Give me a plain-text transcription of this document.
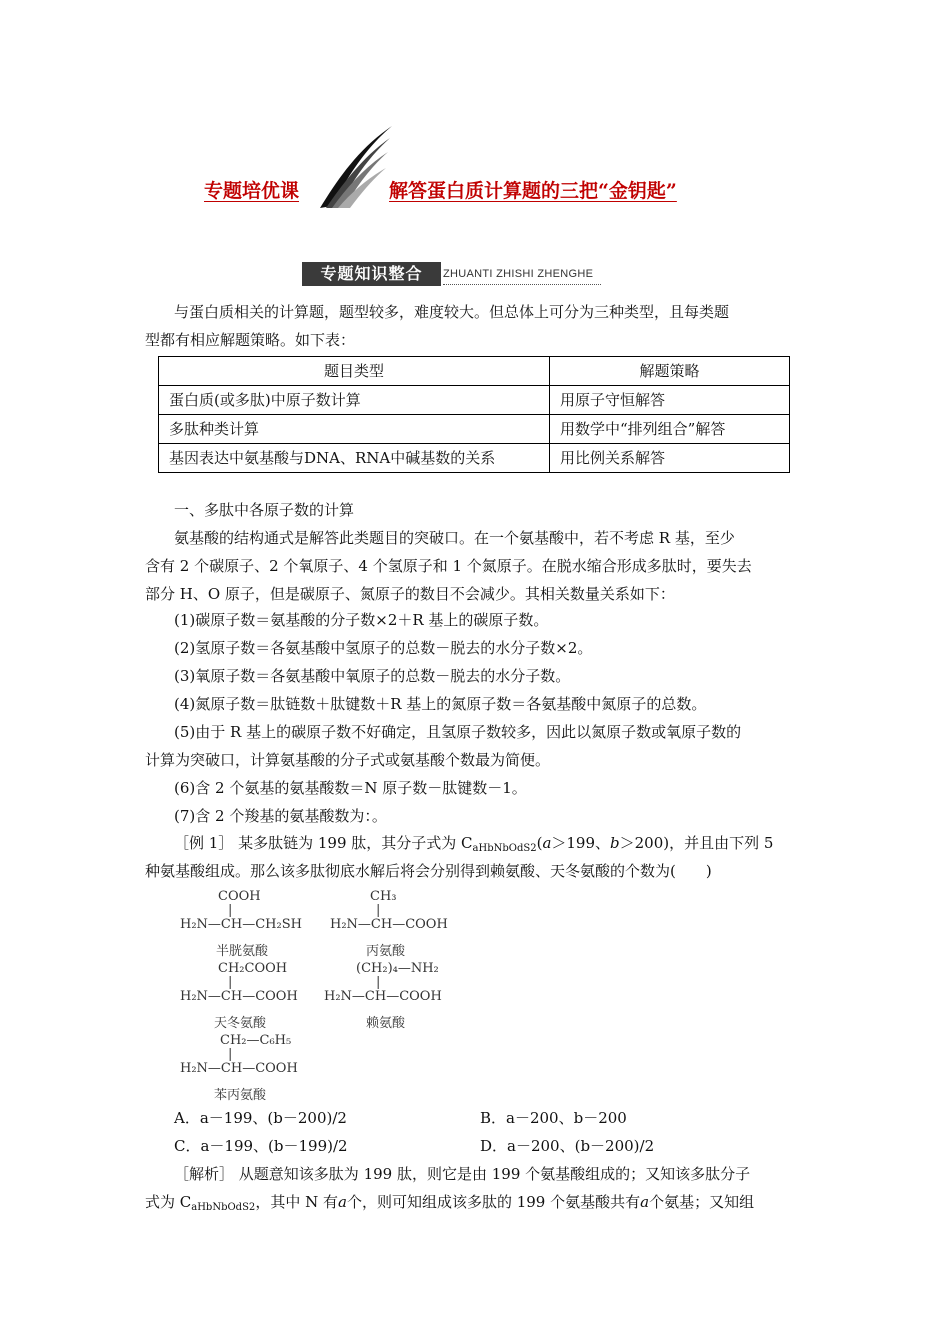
专题培优课	解答蛋白质计算题的三把“金钥匙”
专题知识整合	ZHUANTI ZHISHI ZHENGHE
与蛋白质相关的计算题，题型较多，难度较大。但总体上可分为三种类型，且每类题
型都有相应解题策略。如下表：
题目类型	解题策略
蛋白质(或多肽)中原子数计算	用原子守恒解答
多肽种类计算	用数学中“排列组合”解答
基因表达中氨基酸与DNA、RNA中碱基数的关系	用比例关系解答
一、多肽中各原子数的计算
氨基酸的结构通式是解答此类题目的突破口。在一个氨基酸中，若不考虑 R 基，至少
含有 2 个碳原子、2 个氧原子、4 个氢原子和 1 个氮原子。在脱水缩合形成多肽时，要失去
部分 H、O 原子，但是碳原子、氮原子的数目不会减少。其相关数量关系如下：
(1)碳原子数＝氨基酸的分子数×2＋R 基上的碳原子数。
(2)氢原子数＝各氨基酸中氢原子的总数－脱去的水分子数×2。
(3)氧原子数＝各氨基酸中氧原子的总数－脱去的水分子数。
(4)氮原子数＝肽链数＋肽键数＋R 基上的氮原子数＝各氨基酸中氮原子的总数。
(5)由于 R 基上的碳原子数不好确定，且氢原子数较多，因此以氮原子数或氧原子数的
计算为突破口，计算氨基酸的分子式或氨基酸个数最为简便。
(6)含 2 个氨基的氨基酸数＝N 原子数－肽键数－1。
(7)含 2 个羧基的氨基酸数为：。
［例 1］ 某多肽链为 199 肽，其分子式为 $C_{aHbNbOdS2}(a>199$、b＞200)，并且由下列 5
种氨基酸组成。那么该多肽彻底水解后将会分别得到赖氨酸、天冬氨酸的个数为(　　)
COOH
|
H₂N—CH—CH₂SH
半胱氨酸
CH₃
|
H₂N—CH—COOH
丙氨酸
CH₂COOH
|
H₂N—CH—COOH
天冬氨酸
(CH₂)₄—NH₂
|
H₂N—CH—COOH
赖氨酸
CH₂—C₆H₅
|
H₂N—CH—COOH
苯丙氨酸
A．a－199、(b－200)/2	B．a－200、b－200
C．a－199、(b－199)/2	D．a－200、(b－200)/2
［解析］ 从题意知该多肽为 199 肽，则它是由 199 个氨基酸组成的；又知该多肽分子
式为 $C_{aHbNbOdS2}$，其中 N 有a个，则可知组成该多肽的 199 个氨基酸共有a个氨基；又知组
